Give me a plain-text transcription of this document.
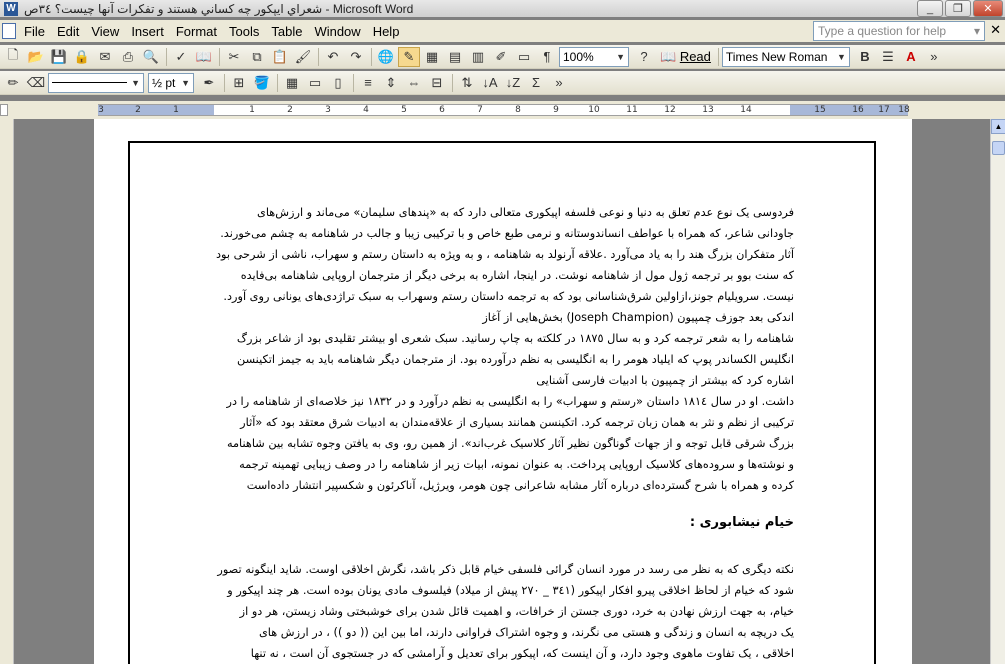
W شعراي ايپكور چه كساني هستند و تفكرات آنها چيست؟ ٣٤ص - Microsoft Word	_	❐	✕
File Edit View Insert Format Tools Table Window Help	Type a question for help ▾ ✕
🗋 📂 💾 🔒 ✉ ⎙ 🔍	✓ 📖	✂ ⧉ 📋 🖌	↶ ↷	🌐 ✎ ▦ ▤ ▥ ✐ ▭	¶	100% ▼	? 📖 Read Times New Roman ▼	B ☰ A	»
✏ ⌫	▼ ½ pt ▼	✒	⊞ 🪣	▦ ▭	▯	≡	⇕ ⇔ ⊟	⇅ ↓A ↓Z Σ	»
3	2	1	1	2	3	4	5	6	7	8	9	10	11	12	13	14	15	16 17 18

فردوسی یک نوع عدم تعلق به دنیا و نوعی فلسفه اپیکوری متعالی دارد که به «پندهای سلیمان» می‌ماند و ارزش‌های

جاودانی شاعر، که همراه با عواطف انساندوستانه و نرمی طبع خاص و با ترکیبی زیبا و جالب در شاهنامه به چشم می‌خورند.

آثار متفکران بزرگ هند را به یاد می‌آورد .علاقه آرنولد به شاهنامه ، و به ویژه به داستان رستم و سهراب، ناشی از شرحی بود

که سنت بوو بر ترجمه ژول مول از شاهنامه نوشت. در اینجا، اشاره به برخی دیگر از مترجمان اروپایی شاهنامه بی‌فایده

نیست. سرویلیام جونز،ازاولین شرق‌شناسانی بود که به ترجمه داستان رستم وسهراب به سبک تراژدی‌های یونانی روی آورد.

اندکی بعد جوزف چمپیون (Joseph Champion) بخش‌هایی از آغاز

شاهنامه را به شعر ترجمه کرد و به سال ١٨٧٥ در کلکته به چاپ رسانید. سبک شعری او بیشتر تقلیدی بود از شاعر بزرگ

انگلیس الکساندر پوپ که ایلیاد هومر را به انگلیسی به نظم درآورده بود. از مترجمان دیگر شاهنامه باید به جیمز اتکینسن

اشاره کرد که بیشتر از چمپیون با ادبیات فارسی آشنایی

داشت. او در سال ١٨١٤ داستان «رستم و سهراب» را به انگلیسی به نظم درآورد و در ١٨٣٢ نیز خلاصه‌ای از شاهنامه را در

ترکیبی از نظم و نثر به همان زبان ترجمه کرد. اتکینسن همانند بسیاری از علاقه‌مندان به ادبیات شرق معتقد بود که «آثار

بزرگ شرقی قابل توجه و از جهات گوناگون نظیر آثار کلاسیک غرب‌اند». از همین رو، وی به یافتن وجوه تشابه بین شاهنامه

و نوشته‌ها و سروده‌های کلاسیک اروپایی پرداخت. به عنوان نمونه، ابیات زیر از شاهنامه را در وصف زیبایی تهمینه ترجمه

کرده و همراه با شرح گسترده‌ای درباره آثار مشابه شاعرانی چون هومر، ویرژیل، آناکرئون و شکسپیر انتشار داده‌است

خیام نیشابوری :

نکته دیگری که به نظر می رسد در مورد انسان گرائی فلسفی خیام قابل ذکر باشد، نگرش اخلاقی اوست. شاید اینگونه تصور

شود که خیام از لحاظ اخلاقی پیرو افکار اپیکور (٣٤١ _ ٢٧٠ پیش از میلاد) فیلسوف مادی یونان بوده است. هر چند اپیکور و

خیام، به جهت ارزش نهادن به خرد، دوری جستن از خرافات، و اهمیت قائل شدن برای خوشبختی وشاد زیستن، هر دو از

یک دریچه به انسان و زندگی و هستی می نگرند، و وجوه اشتراک فراوانی دارند، اما بین این (( دو )) ، در ارزش های

اخلاقی ، یک تفاوت ماهوی وجود دارد، و آن اینست که، اپیکور برای تعدیل و آرامشی که در جستجوی آن است ، نه تنها

▲
